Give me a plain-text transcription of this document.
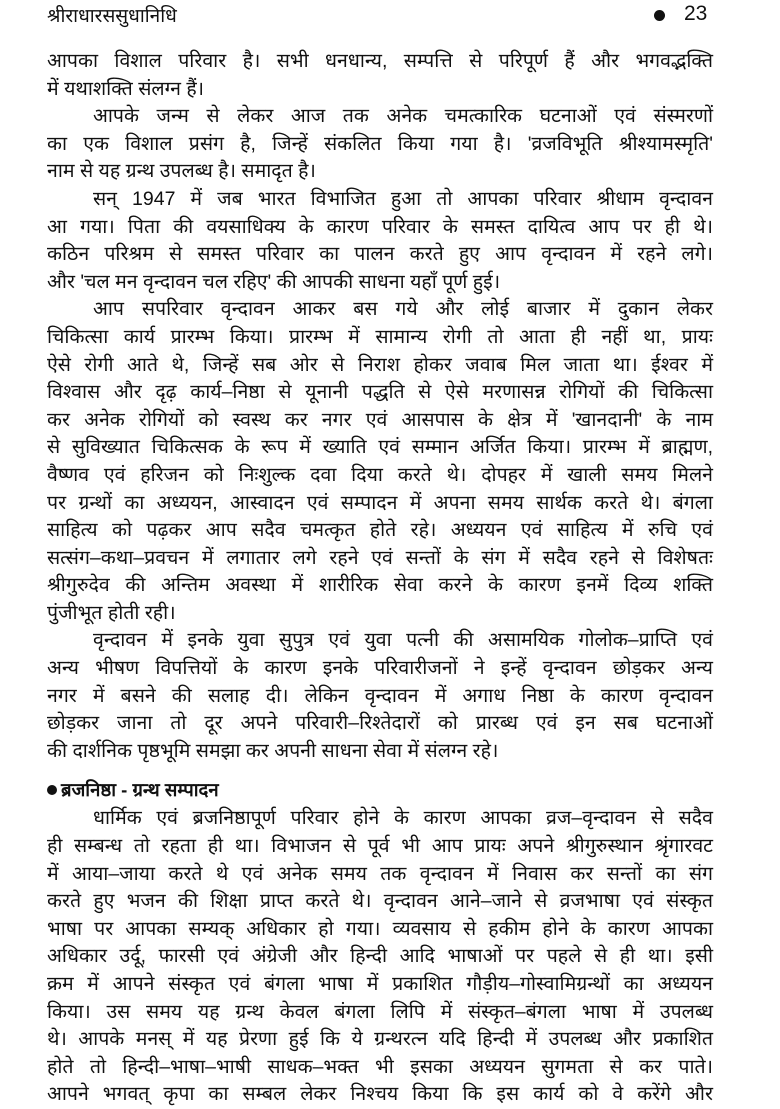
श्रीराधारससुधानिधि	23
आपका विशाल परिवार है। सभी धनधान्य, सम्पत्ति से परिपूर्ण हैं और भगवद्भक्ति
में यथाशक्ति संलग्न हैं।
आपके जन्म से लेकर आज तक अनेक चमत्कारिक घटनाओं एवं संस्मरणों
का एक विशाल प्रसंग है, जिन्हें संकलित किया गया है। 'व्रजविभूति श्रीश्यामस्मृति'
नाम से यह ग्रन्थ उपलब्ध है। समादृत है।
सन् 1947 में जब भारत विभाजित हुआ तो आपका परिवार श्रीधाम वृन्दावन
आ गया। पिता की वयसाधिक्य के कारण परिवार के समस्त दायित्व आप पर ही थे।
कठिन परिश्रम से समस्त परिवार का पालन करते हुए आप वृन्दावन में रहने लगे।
और 'चल मन वृन्दावन चल रहिए' की आपकी साधना यहाँ पूर्ण हुई।
आप सपरिवार वृन्दावन आकर बस गये और लोई बाजार में दुकान लेकर
चिकित्सा कार्य प्रारम्भ किया। प्रारम्भ में सामान्य रोगी तो आता ही नहीं था, प्रायः
ऐसे रोगी आते थे, जिन्हें सब ओर से निराश होकर जवाब मिल जाता था। ईश्वर में
विश्वास और दृढ़ कार्य–निष्ठा से यूनानी पद्धति से ऐसे मरणासन्न रोगियों की चिकित्सा
कर अनेक रोगियों को स्वस्थ कर नगर एवं आसपास के क्षेत्र में 'खानदानी' के नाम
से सुविख्यात चिकित्सक के रूप में ख्याति एवं सम्मान अर्जित किया। प्रारम्भ में ब्राह्मण,
वैष्णव एवं हरिजन को निःशुल्क दवा दिया करते थे। दोपहर में खाली समय मिलने
पर ग्रन्थों का अध्ययन, आस्वादन एवं सम्पादन में अपना समय सार्थक करते थे। बंगला
साहित्य को पढ़कर आप सदैव चमत्कृत होते रहे। अध्ययन एवं साहित्य में रुचि एवं
सत्संग–कथा–प्रवचन में लगातार लगे रहने एवं सन्तों के संग में सदैव रहने से विशेषतः
श्रीगुरुदेव की अन्तिम अवस्था में शारीरिक सेवा करने के कारण इनमें दिव्य शक्ति
पुंजीभूत होती रही।
वृन्दावन में इनके युवा सुपुत्र एवं युवा पत्नी की असामयिक गोलोक–प्राप्ति एवं
अन्य भीषण विपत्तियों के कारण इनके परिवारीजनों ने इन्हें वृन्दावन छोड़कर अन्य
नगर में बसने की सलाह दी। लेकिन वृन्दावन में अगाध निष्ठा के कारण वृन्दावन
छोड़कर जाना तो दूर अपने परिवारी–रिश्तेदारों को प्रारब्ध एवं इन सब घटनाओं
की दार्शनिक पृष्ठभूमि समझा कर अपनी साधना सेवा में संलग्न रहे।
ब्रजनिष्ठा - ग्रन्थ सम्पादन
धार्मिक एवं ब्रजनिष्ठापूर्ण परिवार होने के कारण आपका व्रज–वृन्दावन से सदैव
ही सम्बन्ध तो रहता ही था। विभाजन से पूर्व भी आप प्रायः अपने श्रीगुरुस्थान श्रृंगारवट
में आया–जाया करते थे एवं अनेक समय तक वृन्दावन में निवास कर सन्तों का संग
करते हुए भजन की शिक्षा प्राप्त करते थे। वृन्दावन आने–जाने से व्रजभाषा एवं संस्कृत
भाषा पर आपका सम्यक् अधिकार हो गया। व्यवसाय से हकीम होने के कारण आपका
अधिकार उर्दू, फारसी एवं अंग्रेजी और हिन्दी आदि भाषाओं पर पहले से ही था। इसी
क्रम में आपने संस्कृत एवं बंगला भाषा में प्रकाशित गौड़ीय–गोस्वामिग्रन्थों का अध्ययन
किया। उस समय यह ग्रन्थ केवल बंगला लिपि में संस्कृत–बंगला भाषा में उपलब्ध
थे। आपके मनस् में यह प्रेरणा हुई कि ये ग्रन्थरत्न यदि हिन्दी में उपलब्ध और प्रकाशित
होते तो हिन्दी–भाषा–भाषी साधक–भक्त भी इसका अध्ययन सुगमता से कर पाते।
आपने भगवत् कृपा का सम्बल लेकर निश्चय किया कि इस कार्य को वे करेंगे और
